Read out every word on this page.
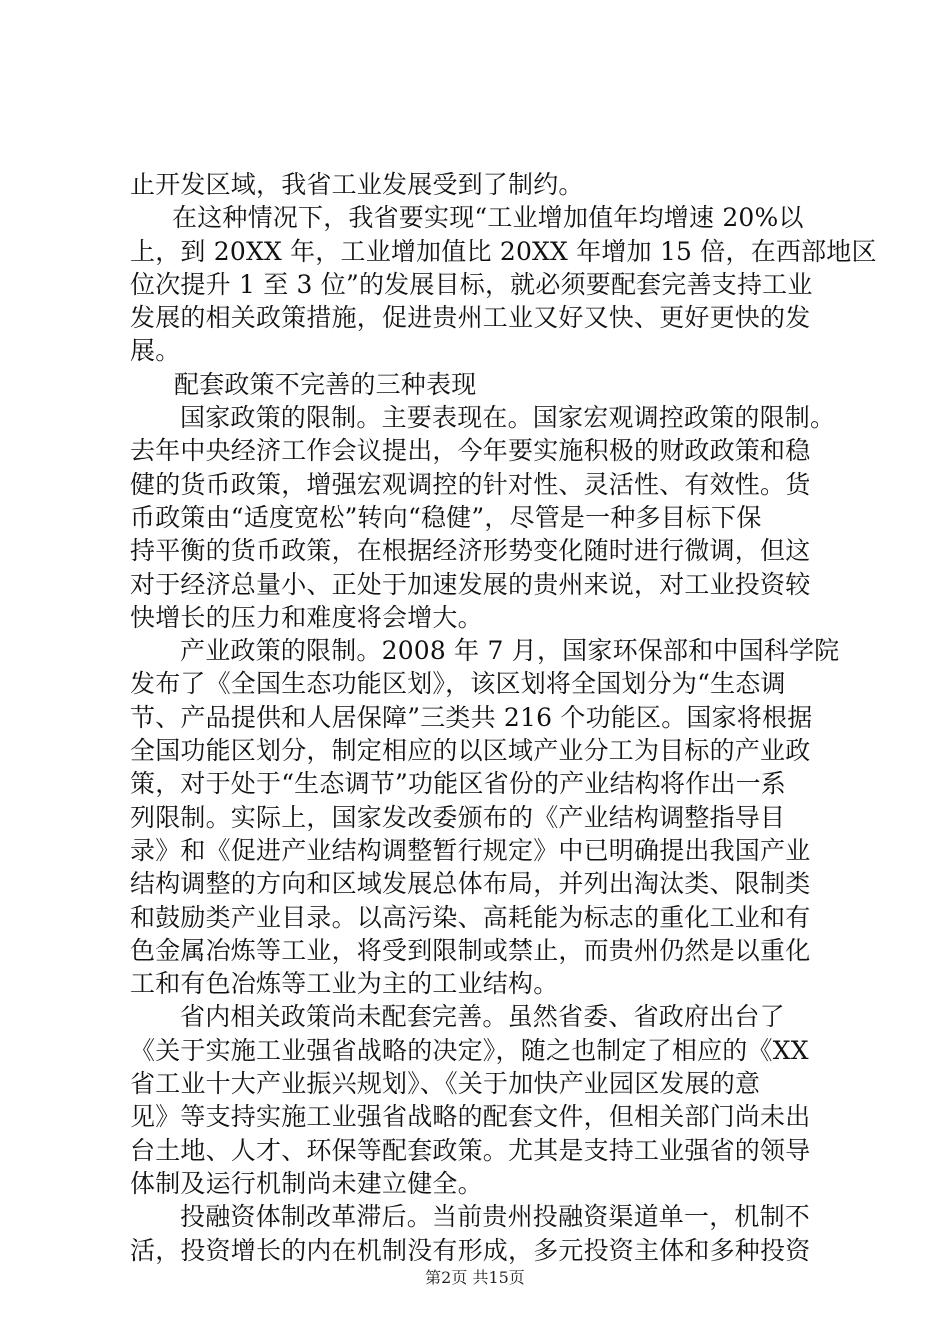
止开发区域，我省工业发展受到了制约。
在这种情况下，我省要实现“工业增加值年均增速 20%以
上，到 20XX 年，工业增加值比 20XX 年增加 15 倍，在西部地区
位次提升 1 至 3 位”的发展目标，就必须要配套完善支持工业
发展的相关政策措施，促进贵州工业又好又快、更好更快的发
展。
配套政策不完善的三种表现
国家政策的限制。主要表现在。国家宏观调控政策的限制。
去年中央经济工作会议提出，今年要实施积极的财政政策和稳
健的货币政策，增强宏观调控的针对性、灵活性、有效性。货
币政策由“适度宽松”转向“稳健”，尽管是一种多目标下保
持平衡的货币政策，在根据经济形势变化随时进行微调，但这
对于经济总量小、正处于加速发展的贵州来说，对工业投资较
快增长的压力和难度将会增大。
产业政策的限制。2008 年 7 月，国家环保部和中国科学院
发布了《全国生态功能区划》，该区划将全国划分为“生态调
节、产品提供和人居保障”三类共 216 个功能区。国家将根据
全国功能区划分，制定相应的以区域产业分工为目标的产业政
策，对于处于“生态调节”功能区省份的产业结构将作出一系
列限制。实际上，国家发改委颁布的《产业结构调整指导目
录》和《促进产业结构调整暂行规定》中已明确提出我国产业
结构调整的方向和区域发展总体布局，并列出淘汰类、限制类
和鼓励类产业目录。以高污染、高耗能为标志的重化工业和有
色金属冶炼等工业，将受到限制或禁止，而贵州仍然是以重化
工和有色冶炼等工业为主的工业结构。
省内相关政策尚未配套完善。虽然省委、省政府出台了
《关于实施工业强省战略的决定》，随之也制定了相应的《XX
省工业十大产业振兴规划》、《关于加快产业园区发展的意
见》等支持实施工业强省战略的配套文件，但相关部门尚未出
台土地、人才、环保等配套政策。尤其是支持工业强省的领导
体制及运行机制尚未建立健全。
投融资体制改革滞后。当前贵州投融资渠道单一，机制不
活，投资增长的内在机制没有形成，多元投资主体和多种投资
第2页 共15页
